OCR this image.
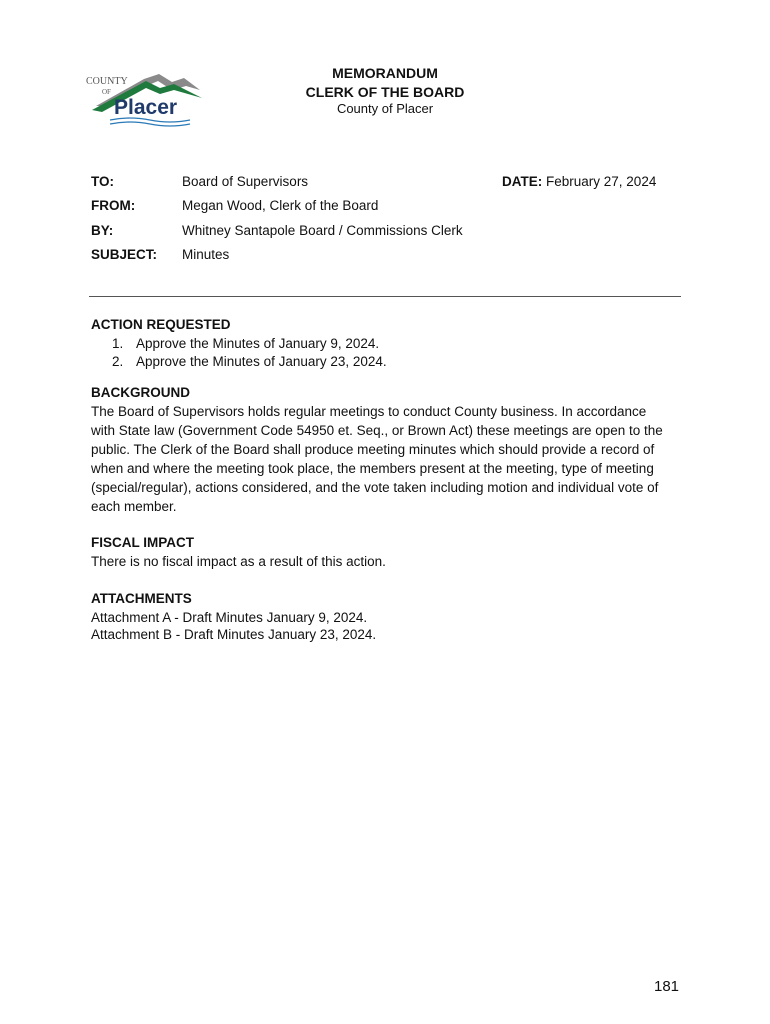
COUNTY
OF
Placer
MEMORANDUM
CLERK OF THE BOARD
County of Placer
TO:	Board of Supervisors	DATE: February 27, 2024
FROM:	Megan Wood, Clerk of the Board
BY:	Whitney Santapole Board / Commissions Clerk
SUBJECT: Minutes
ACTION REQUESTED
1. Approve the Minutes of January 9, 2024.
2. Approve the Minutes of January 23, 2024.
BACKGROUND
The Board of Supervisors holds regular meetings to conduct County business. In accordance
with State law (Government Code 54950 et. Seq., or Brown Act) these meetings are open to the
public. The Clerk of the Board shall produce meeting minutes which should provide a record of
when and where the meeting took place, the members present at the meeting, type of meeting
(special/regular), actions considered, and the vote taken including motion and individual vote of
each member.
FISCAL IMPACT
There is no fiscal impact as a result of this action.
ATTACHMENTS
Attachment A - Draft Minutes January 9, 2024.
Attachment B - Draft Minutes January 23, 2024.
181
